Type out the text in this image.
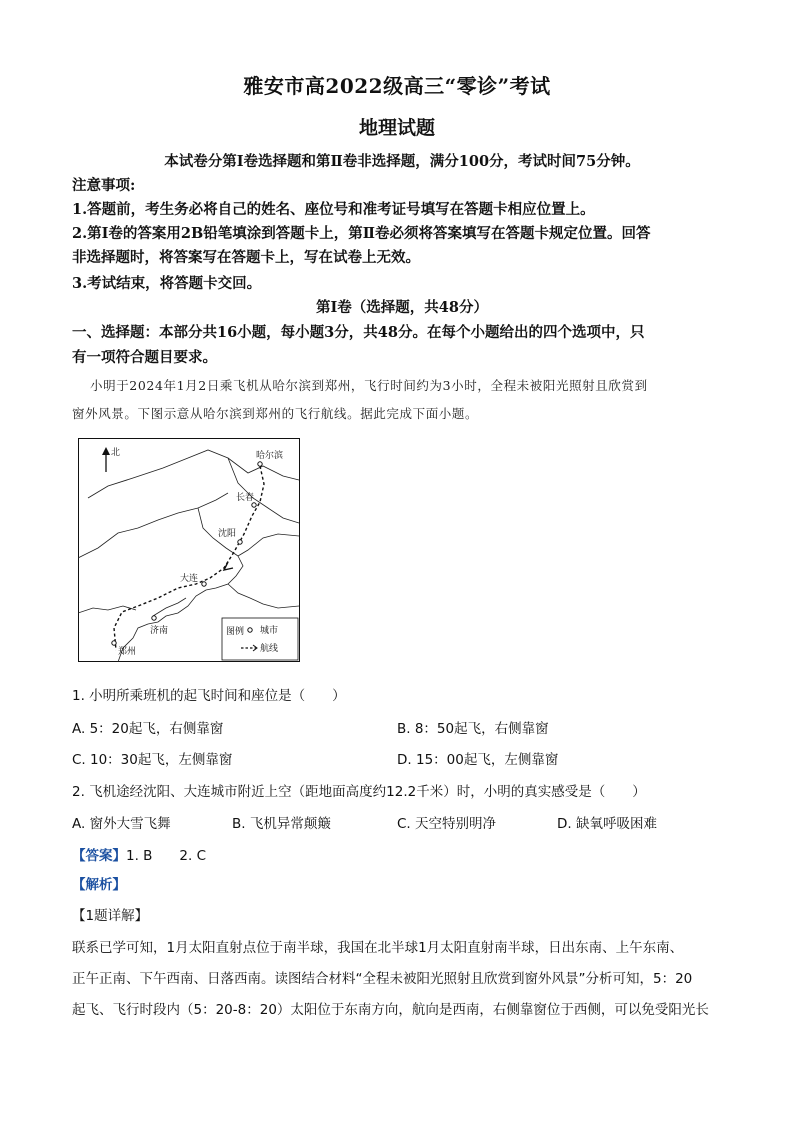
雅安市高2022级高三“零诊”考试
地理试题
本试卷分第Ⅰ卷选择题和第Ⅱ卷非选择题，满分100分，考试时间75分钟。
注意事项:
1.答题前，考生务必将自己的姓名、座位号和准考证号填写在答题卡相应位置上。
2.第Ⅰ卷的答案用2B铅笔填涂到答题卡上，第Ⅱ卷必须将答案填写在答题卡规定位置。回答
非选择题时，将答案写在答题卡上，写在试卷上无效。
3.考试结束，将答题卡交回。
第Ⅰ卷（选择题，共48分）
一、选择题：本部分共16小题，每小题3分，共48分。在每个小题给出的四个选项中，只
有一项符合题目要求。
小明于2024年1月2日乘飞机从哈尔滨到郑州，飞行时间约为3小时，全程未被阳光照射且欣赏到
窗外风景。下图示意从哈尔滨到郑州的飞行航线。据此完成下面小题。
北	哈尔滨
长春
沈阳
大连
济南
郑州
图例 城市
航线
1. 小明所乘班机的起飞时间和座位是（　　）
A. 5：20起飞，右侧靠窗	B. 8：50起飞，右侧靠窗
C. 10：30起飞，左侧靠窗	D. 15：00起飞，左侧靠窗
2. 飞机途经沈阳、大连城市附近上空（距地面高度约12.2千米）时，小明的真实感受是（　　）
A. 窗外大雪飞舞	B. 飞机异常颠簸	C. 天空特别明净	D. 缺氧呼吸困难
【答案】1. B　　2. C
【解析】
【1题详解】
联系已学可知，1月太阳直射点位于南半球，我国在北半球1月太阳直射南半球，日出东南、上午东南、
正午正南、下午西南、日落西南。读图结合材料“全程未被阳光照射且欣赏到窗外风景”分析可知，5：20
起飞、飞行时段内（5：20-8：20）太阳位于东南方向，航向是西南，右侧靠窗位于西侧，可以免受阳光长
